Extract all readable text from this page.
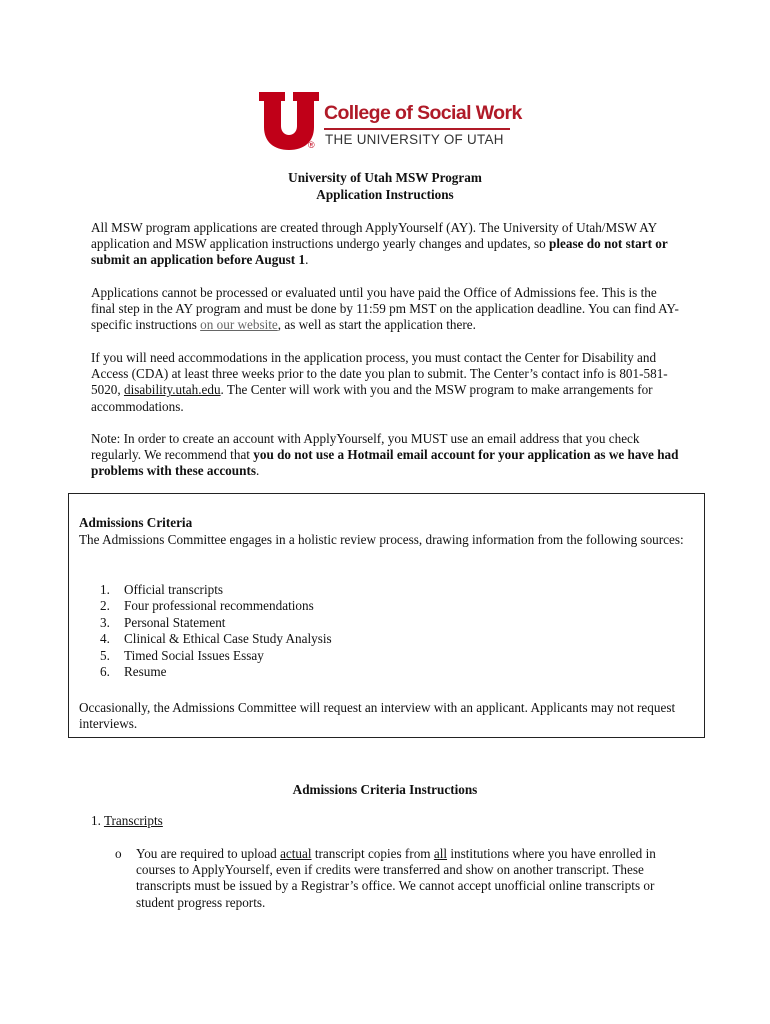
®
College of Social Work
THE UNIVERSITY OF UTAH
University of Utah MSW Program
Application Instructions
All MSW program applications are created through ApplyYourself (AY). The University of Utah/MSW AY application and MSW application instructions undergo yearly changes and updates, so please do not start or submit an application before August 1.
Applications cannot be processed or evaluated until you have paid the Office of Admissions fee. This is the final step in the AY program and must be done by 11:59 pm MST on the application deadline. You can find AY-specific instructions on our website, as well as start the application there.
If you will need accommodations in the application process, you must contact the Center for Disability and Access (CDA) at least three weeks prior to the date you plan to submit. The Center’s contact info is 801-581-5020, disability.utah.edu. The Center will work with you and the MSW program to make arrangements for accommodations.
Note: In order to create an account with ApplyYourself, you MUST use an email address that you check regularly. We recommend that you do not use a Hotmail email account for your application as we have had problems with these accounts.
Admissions Criteria
The Admissions Committee engages in a holistic review process, drawing information from the following sources:
1. Official transcripts
2. Four professional recommendations
3. Personal Statement
4. Clinical & Ethical Case Study Analysis
5. Timed Social Issues Essay
6. Resume
Occasionally, the Admissions Committee will request an interview with an applicant. Applicants may not request interviews.
Admissions Criteria Instructions
1. Transcripts
o You are required to upload actual transcript copies from all institutions where you have enrolled in courses to ApplyYourself, even if credits were transferred and show on another transcript. These transcripts must be issued by a Registrar’s office. We cannot accept unofficial online transcripts or student progress reports.
